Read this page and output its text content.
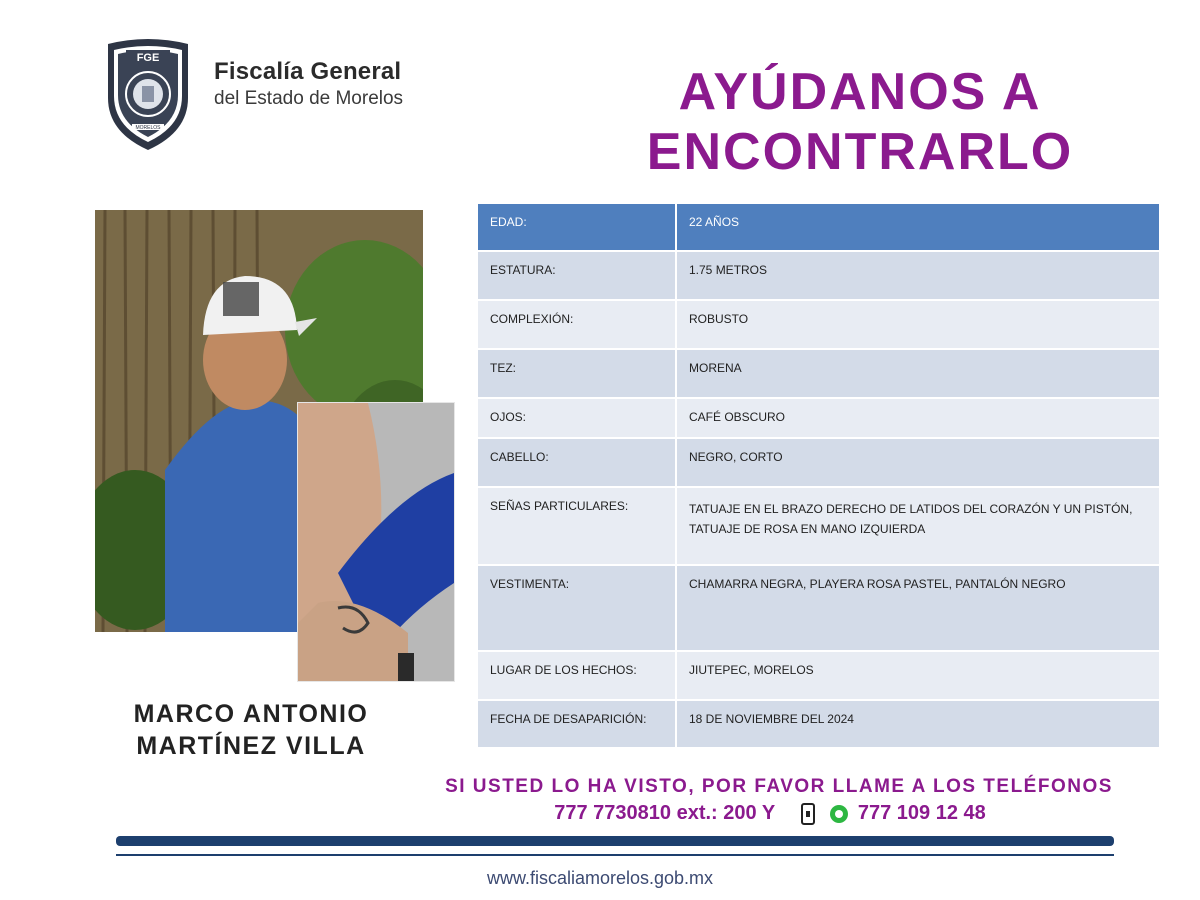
FGE
MORELOS
Fiscalía General
del Estado de Morelos	AYÚDANOS A
ENCONTRARLO
MARCO ANTONIO
MARTÍNEZ VILLA
EDAD:	22 AÑOS
ESTATURA:	1.75 METROS
COMPLEXIÓN:	ROBUSTO
TEZ:	MORENA
OJOS:	CAFÉ OBSCURO
CABELLO:	NEGRO, CORTO
SEÑAS PARTICULARES:	TATUAJE EN EL BRAZO DERECHO DE LATIDOS DEL CORAZÓN Y UN PISTÓN, TATUAJE DE ROSA EN MANO IZQUIERDA
VESTIMENTA:	CHAMARRA NEGRA, PLAYERA ROSA PASTEL, PANTALÓN NEGRO
LUGAR DE LOS HECHOS:	JIUTEPEC, MORELOS
FECHA DE DESAPARICIÓN:	18 DE NOVIEMBRE DEL 2024
SI USTED LO HA VISTO, POR FAVOR LLAME A LOS TELÉFONOS
777 7730810 ext.: 200 Y	777 109 12 48
www.fiscaliamorelos.gob.mx
